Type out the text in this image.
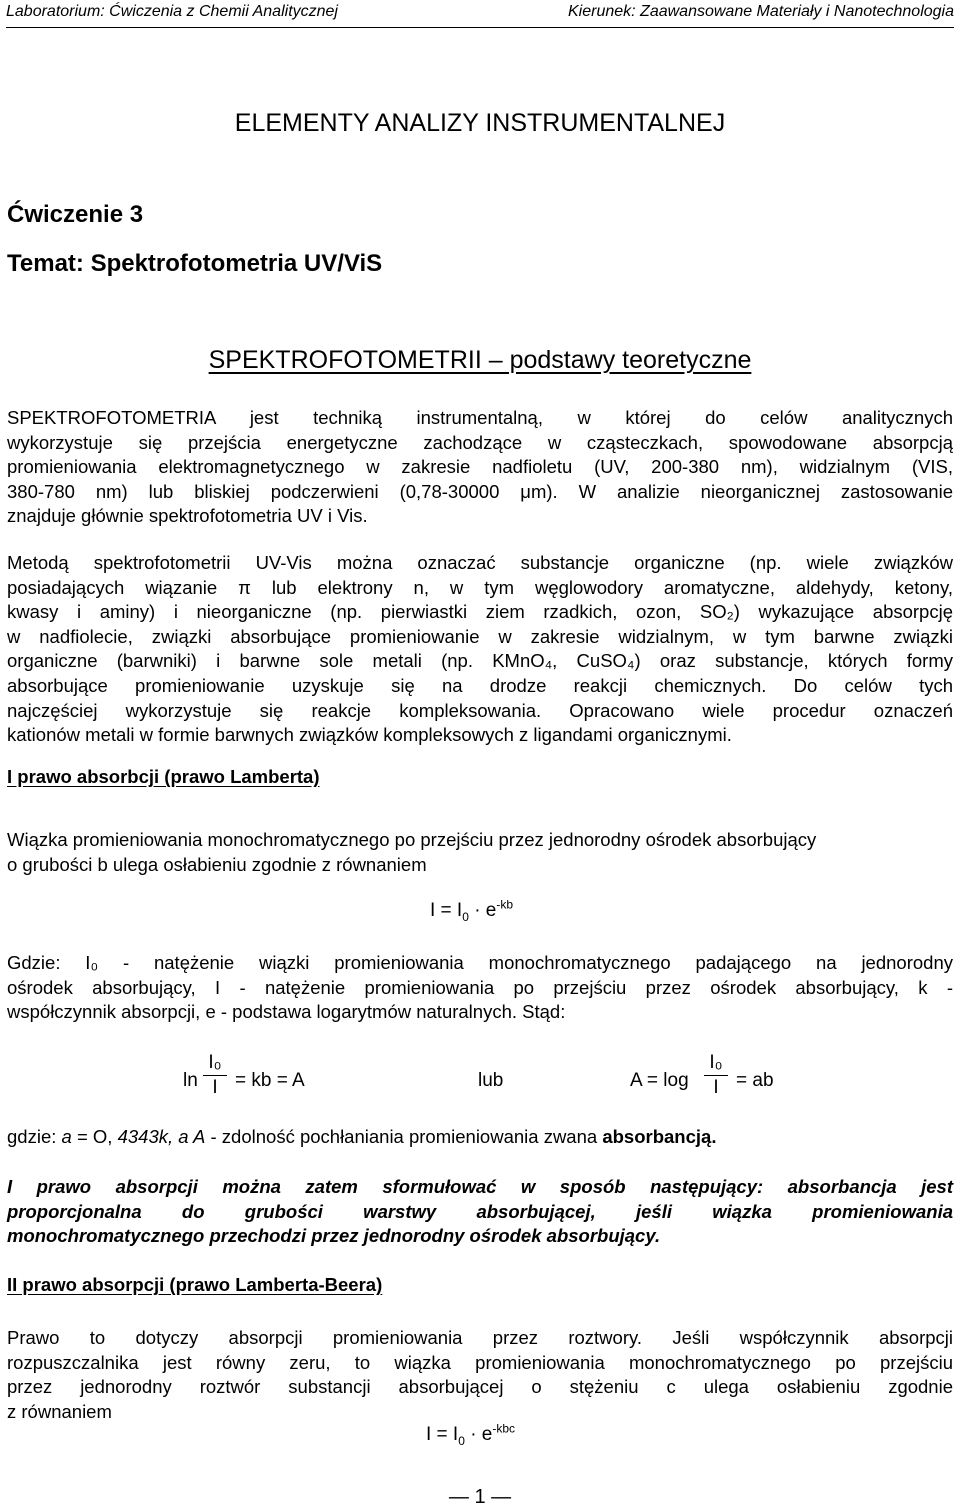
Laboratorium: Ćwiczenia z Chemii Analitycznej	Kierunek: Zaawansowane Materiały i Nanotechnologia
ELEMENTY ANALIZY INSTRUMENTALNEJ
Ćwiczenie 3
Temat: Spektrofotometria UV/ViS
SPEKTROFOTOMETRII – podstawy teoretyczne
SPEKTROFOTOMETRIA jest techniką instrumentalną, w której do celów analitycznych
wykorzystuje się przejścia energetyczne zachodzące w cząsteczkach, spowodowane absorpcją
promieniowania elektromagnetycznego w zakresie nadfioletu (UV, 200-380 nm), widzialnym (VIS,
380-780 nm) lub bliskiej podczerwieni (0,78-30000 μm). W analizie nieorganicznej zastosowanie
znajduje głównie spektrofotometria UV i Vis.
Metodą spektrofotometrii UV-Vis można oznaczać substancje organiczne (np. wiele związków
posiadających wiązanie π lub elektrony n, w tym węglowodory aromatyczne, aldehydy, ketony,
kwasy i aminy) i nieorganiczne (np. pierwiastki ziem rzadkich, ozon, SO₂) wykazujące absorpcję
w nadfiolecie, związki absorbujące promieniowanie w zakresie widzialnym, w tym barwne związki
organiczne (barwniki) i barwne sole metali (np. KMnO₄, CuSO₄) oraz substancje, których formy
absorbujące promieniowanie uzyskuje się na drodze reakcji chemicznych. Do celów tych
najczęściej wykorzystuje się reakcje kompleksowania. Opracowano wiele procedur oznaczeń
kationów metali w formie barwnych związków kompleksowych z ligandami organicznymi.
I prawo absorbcji (prawo Lamberta)
Wiązka promieniowania monochromatycznego po przejściu przez jednorodny ośrodek absorbujący
o grubości b ulega osłabieniu zgodnie z równaniem
$I = I_0 \cdot e^{-kb}$
Gdzie: I₀ - natężenie wiązki promieniowania monochromatycznego padającego na jednorodny
ośrodek absorbujący, I - natężenie promieniowania po przejściu przez ośrodek absorbujący, k -
współczynnik absorpcji, e - podstawa logarytmów naturalnych. Stąd:
ln
I₀
I = kb = A	lub	A = log
I₀
I = ab
gdzie: a = O, 4343k, a A - zdolność pochłaniania promieniowania zwana absorbancją.
I prawo absorpcji można zatem sformułować w sposób następujący: absorbancja jest
proporcjonalna do grubości warstwy absorbującej, jeśli wiązka promieniowania
monochromatycznego przechodzi przez jednorodny ośrodek absorbujący.
II prawo absorpcji (prawo Lamberta-Beera)
Prawo to dotyczy absorpcji promieniowania przez roztwory. Jeśli współczynnik absorpcji
rozpuszczalnika jest równy zeru, to wiązka promieniowania monochromatycznego po przejściu
przez jednorodny roztwór substancji absorbującej o stężeniu c ulega osłabieniu zgodnie
z równaniem
$I = I_0 \cdot e^{-kbc}$
— 1 —
